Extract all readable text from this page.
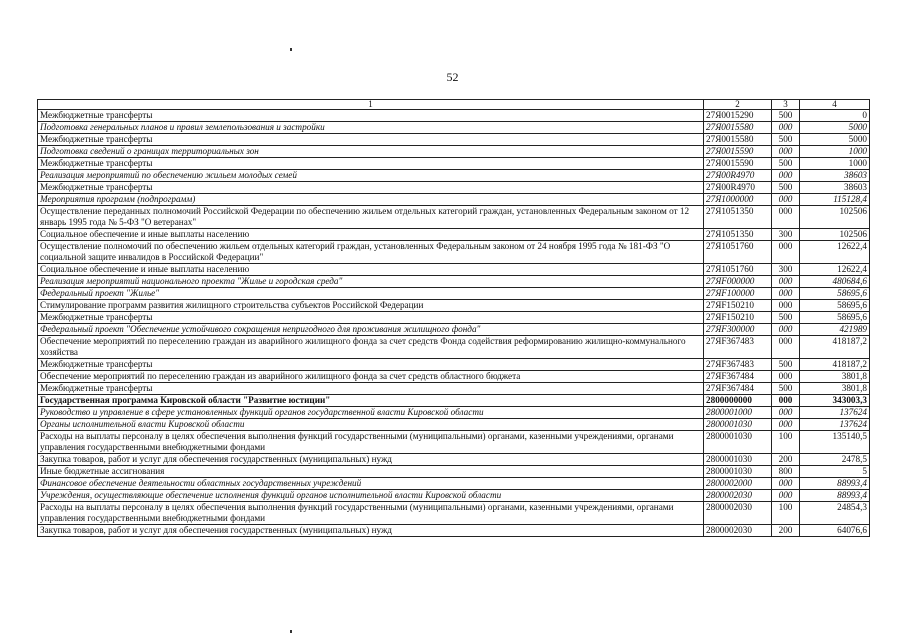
52
1	2	3	4
Межбюджетные трансферты	27Я0015290	500	0
Подготовка генеральных планов и правил землепользования и застройки	27Я0015580	000	5000
Межбюджетные трансферты	27Я0015580	500	5000
Подготовка сведений о границах территориальных зон	27Я0015590	000	1000
Межбюджетные трансферты	27Я0015590	500	1000
Реализация мероприятий по обеспечению жильем молодых семей	27Я00R4970	000	38603
Межбюджетные трансферты	27Я00R4970	500	38603
Мероприятия программ (подпрограмм)	27Я1000000	000	115128,4
Осуществление переданных полномочий Российской Федерации по обеспечению жильем отдельных категорий граждан, установленных Федеральным законом от 12 январь 1995 года № 5-ФЗ "О ветеранах"	27Я1051350	000	102506
Социальное обеспечение и иные выплаты населению	27Я1051350	300	102506
Осуществление полномочий по обеспечению жильем отдельных категорий граждан, установленных Федеральным законом от 24 ноября 1995 года № 181-ФЗ "О социальной защите инвалидов в Российской Федерации"	27Я1051760	000	12622,4
Социальное обеспечение и иные выплаты населению	27Я1051760	300	12622,4
Реализация мероприятий национального проекта "Жилье и городская среда"	27ЯF000000	000	480684,6
Федеральный проект "Жилье"	27ЯF100000	000	58695,6
Стимулирование программ развития жилищного строительства субъектов Российской Федерации	27ЯF150210	000	58695,6
Межбюджетные трансферты	27ЯF150210	500	58695,6
Федеральный проект "Обеспечение устойчивого сокращения непригодного для проживания жилищного фонда"	27ЯF300000	000	421989
Обеспечение мероприятий по переселению граждан из аварийного жилищного фонда за счет средств Фонда содействия реформированию жилищно-коммунального хозяйства	27ЯF367483	000	418187,2
Межбюджетные трансферты	27ЯF367483	500	418187,2
Обеспечение мероприятий по переселению граждан из аварийного жилищного фонда за счет средств областного бюджета	27ЯF367484	000	3801,8
Межбюджетные трансферты	27ЯF367484	500	3801,8
Государственная программа Кировской области "Развитие юстиции"	2800000000	000	343003,3
Руководство и управление в сфере установленных функций органов государственной власти Кировской области	2800001000	000	137624
Органы исполнительной власти Кировской области	2800001030	000	137624
Расходы на выплаты персоналу в целях обеспечения выполнения функций государственными (муниципальными) органами, казенными учреждениями, органами управления государственными внебюджетными фондами	2800001030	100	135140,5
Закупка товаров, работ и услуг для обеспечения государственных (муниципальных) нужд	2800001030	200	2478,5
Иные бюджетные ассигнования	2800001030	800	5
Финансовое обеспечение деятельности областных государственных учреждений	2800002000	000	88993,4
Учреждения, осуществляющие обеспечение исполнения функций органов исполнительной власти Кировской области	2800002030	000	88993,4
Расходы на выплаты персоналу в целях обеспечения выполнения функций государственными (муниципальными) органами, казенными учреждениями, органами управления государственными внебюджетными фондами	2800002030	100	24854,3
Закупка товаров, работ и услуг для обеспечения государственных (муниципальных) нужд	2800002030	200	64076,6
